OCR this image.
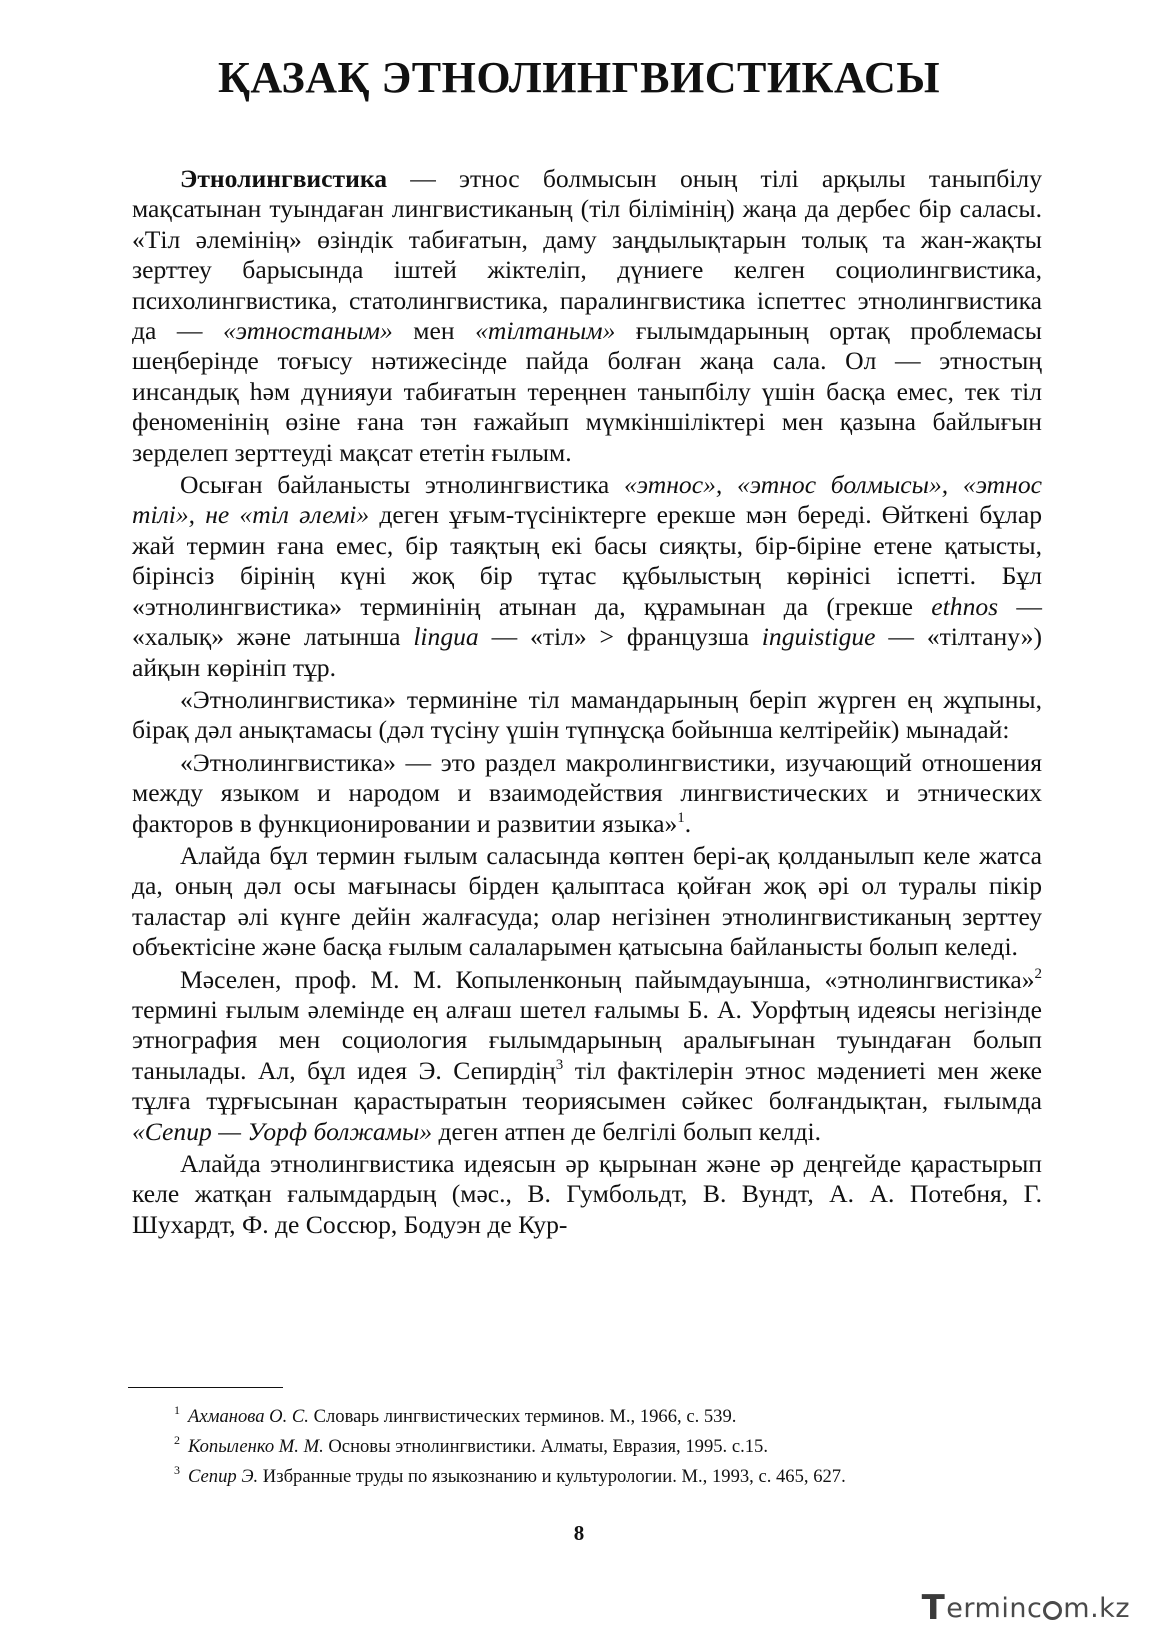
ҚАЗАҚ ЭТНОЛИНГВИСТИКАСЫ

Этнолингвистика — этнос болмысын оның тілі арқылы таныпбілу мақсатынан туындаған лингвистиканың (тіл білімінің) жаңа да дербес бір саласы. «Тіл әлемінің» өзіндік табиғатын, даму заңдылықтарын толық та жан-жақты зерттеу барысында іштей жіктеліп, дүниеге келген социолингвистика, психолингвистика, статолингвистика, паралингвистика іспеттес этнолингвистика да — «этностаным» мен «тілтаным» ғылымдарының ортақ проблемасы шеңберінде тоғысу нәтижесінде пайда болған жаңа сала. Ол — этностың инсандық һәм дүнияуи табиғатын тереңнен таныпбілу үшін басқа емес, тек тіл феноменінің өзіне ғана тән ғажайып мүмкіншіліктері мен қазына байлығын зерделеп зерттеуді мақсат ететін ғылым.

Осыған байланысты этнолингвистика «этнос», «этнос болмысы», «этнос тілі», не «тіл әлемі» деген ұғым-түсініктерге ерекше мән береді. Өйткені бұлар жай термин ғана емес, бір таяқтың екі басы сияқты, бір-біріне етене қатысты, бірінсіз бірінің күні жоқ бір тұтас құбылыстың көрінісі іспетті. Бұл «этнолингвистика» терминінің атынан да, құрамынан да (грекше ethnos — «халық» және латынша lingua — «тіл» > французша inguistigue — «тілтану») айқын көрініп тұр.

«Этнолингвистика» терминіне тіл мамандарының беріп жүрген ең жұпыны, бірақ дәл анықтамасы (дәл түсіну үшін түпнұсқа бойынша келтірейік) мынадай:

«Этнолингвистика» — это раздел макролингвистики, изучающий отношения между языком и народом и взаимодействия лингвистических и этнических факторов в функционировании и развитии языка»$^1$.

Алайда бұл термин ғылым саласында көптен бері-ақ қолданылып келе жатса да, оның дәл осы мағынасы бірден қалыптаса қойған жоқ әрі ол туралы пікір таластар әлі күнге дейін жалғасуда; олар негізінен этнолингвистиканың зерттеу объектісіне және басқа ғылым салаларымен қатысына байланысты болып келеді.

Мәселен, проф. М. М. Копыленконың пайымдауынша, «этнолингвистика»$^2$ термині ғылым әлемінде ең алғаш шетел ғалымы Б. А. Уорфтың идеясы негізінде этнография мен социология ғылымдарының аралығынан туындаған болып танылады. Ал, бұл идея Э. Сепирдің$^3$ тіл фактілерін этнос мәдениеті мен жеке тұлға тұрғысынан қарастыратын теориясымен сәйкес болғандықтан, ғылымда «Сепир — Уорф болжамы» деген атпен де белгілі болып келді.

Алайда этнолингвистика идеясын әр қырынан және әр деңгейде қарастырып келе жатқан ғалымдардың (мәс., В. Гумбольдт, В. Вундт, А. А. Потебня, Г. Шухардт, Ф. де Соссюр, Бодуэн де Кур-

$^1$ Ахманова О. С. Словарь лингвистических терминов. М., 1966, с. 539.

$^2$ Копыленко М. М. Основы этнолингвистики. Алматы, Евразия, 1995. с.15.

$^3$ Сепир Э. Избранные труды по языкознанию и культурологии. М., 1993, с. 465, 627.

8
T erminc m.kz
